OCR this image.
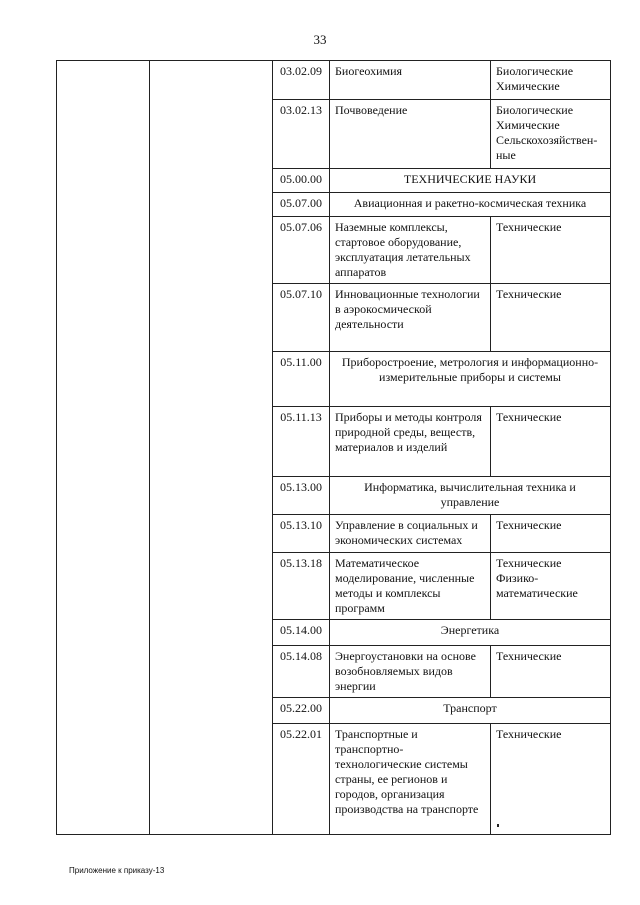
33
		03.02.09	Биогеохимия	Биологические
Химические
		03.02.13	Почвоведение	Биологические
Химические
Сельскохозяйствен-
ные
		05.00.00	ТЕХНИЧЕСКИЕ НАУКИ	
		05.07.00	Авиационная и ракетно-космическая техника	
		05.07.06	Наземные комплексы, стартовое оборудование, эксплуатация летательных аппаратов	Технические
		05.07.10	Инновационные технологии в аэрокосмической деятельности	Технические
		05.11.00	Приборостроение, метрология и информационно-измерительные приборы и системы	
		05.11.13	Приборы и методы контроля природной среды, веществ, материалов и изделий	Технические
		05.13.00	Информатика, вычислительная техника и управление	
		05.13.10	Управление в социальных и экономических системах	Технические
		05.13.18	Математическое моделирование, численные методы и комплексы программ	Технические
Физико-
математические
		05.14.00	Энергетика	
		05.14.08	Энергоустановки на основе возобновляемых видов энергии	Технические
		05.22.00	Транспорт	
		05.22.01	Транспортные и транспортно-технологические системы страны, ее регионов и городов, организация производства на транспорте	Технические
Приложение к приказу-13
